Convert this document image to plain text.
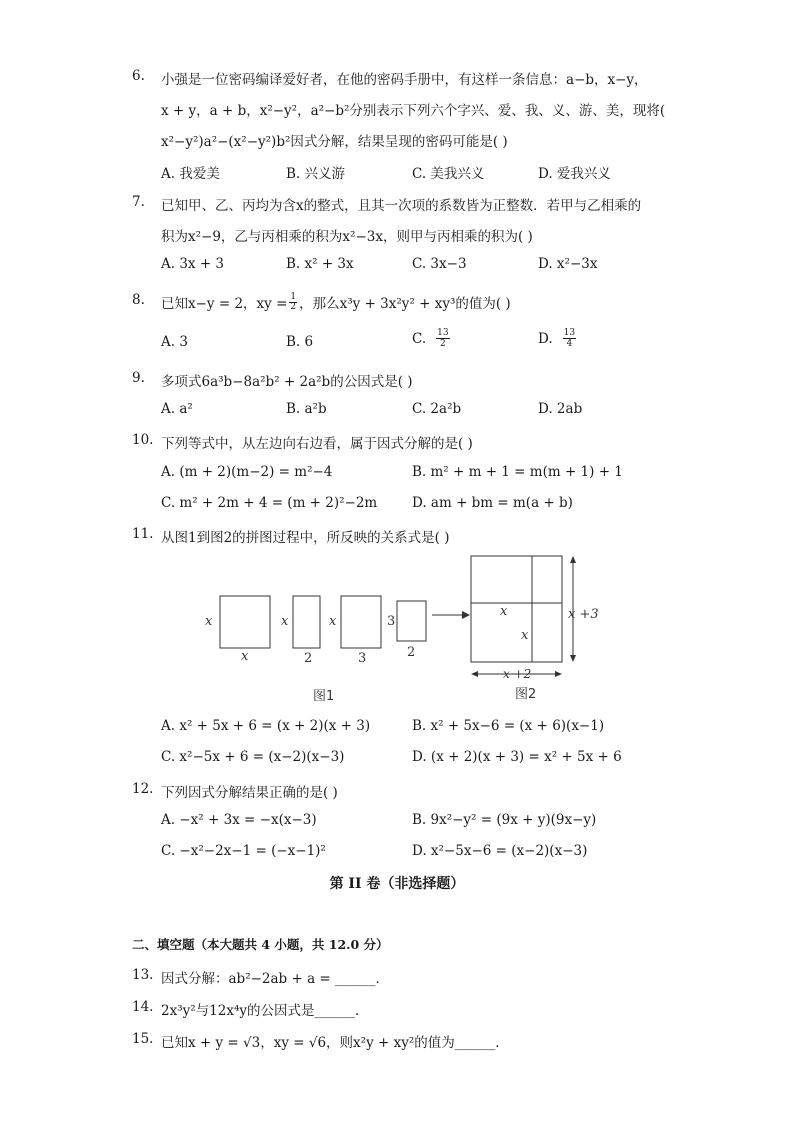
6. 小强是一位密码编译爱好者，在他的密码手册中，有这样一条信息：a−b，x−y，
x + y，a + b，x²−y²，a²−b²分别表示下列六个字兴、爱、我、义、游、美，现将(
x²−y²)a²−(x²−y²)b²因式分解，结果呈现的密码可能是( )
A. 我爱美	B. 兴义游	C. 美我兴义	D. 爱我兴义
7. 已知甲、乙、丙均为含x的整式，且其一次项的系数皆为正整数．若甲与乙相乘的
积为x²−9，乙与丙相乘的积为x²−3x，则甲与丙相乘的积为( )
A. 3x + 3	B. x² + 3x	C. 3x−3	D. x²−3x
8. 已知x−y = 2，xy = $\frac{1}{2}$ ，那么x³y + 3x²y² + xy³的值为( )
A. 3	B. 6	C. $\frac{13}{2}$	D. $\frac{13}{4}$
9. 多项式6a³b−8a²b² + 2a²b的公因式是( )
A. a²	B. a²b	C. 2a²b	D. 2ab
10. 下列等式中，从左边向右边看，属于因式分解的是( )
A. (m + 2)(m−2) = m²−4	B. m² + m + 1 = m(m + 1) + 1
C. m² + 2m + 4 = (m + 2)²−2m	D. am + bm = m(a + b)
11. 从图1到图2的拼图过程中，所反映的关系式是( )
x
x
x
2
x
3
3
2
x
x
x +3
x +2
图1	图2
A. x² + 5x + 6 = (x + 2)(x + 3)	B. x² + 5x−6 = (x + 6)(x−1)
C. x²−5x + 6 = (x−2)(x−3)	D. (x + 2)(x + 3) = x² + 5x + 6
12. 下列因式分解结果正确的是( )
A. −x² + 3x = −x(x−3)	B. 9x²−y² = (9x + y)(9x−y)
C. −x²−2x−1 = (−x−1)²	D. x²−5x−6 = (x−2)(x−3)
第 II 卷（非选择题）
二、填空题（本大题共 4 小题，共 12.0 分）
13. 因式分解：ab²−2ab + a = ______．
14. 2x³y²与12x⁴y的公因式是______．
15. 已知x + y = √3，xy = √6，则x²y + xy²的值为______．
